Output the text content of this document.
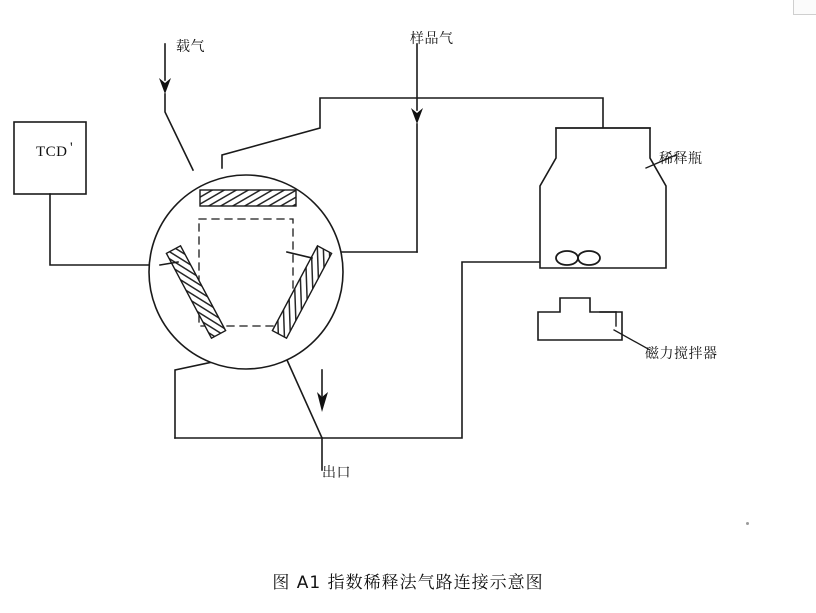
TCD '
载气	样品气
稀释瓶
磁力搅拌器
出口
图 A1 指数稀释法气路连接示意图
